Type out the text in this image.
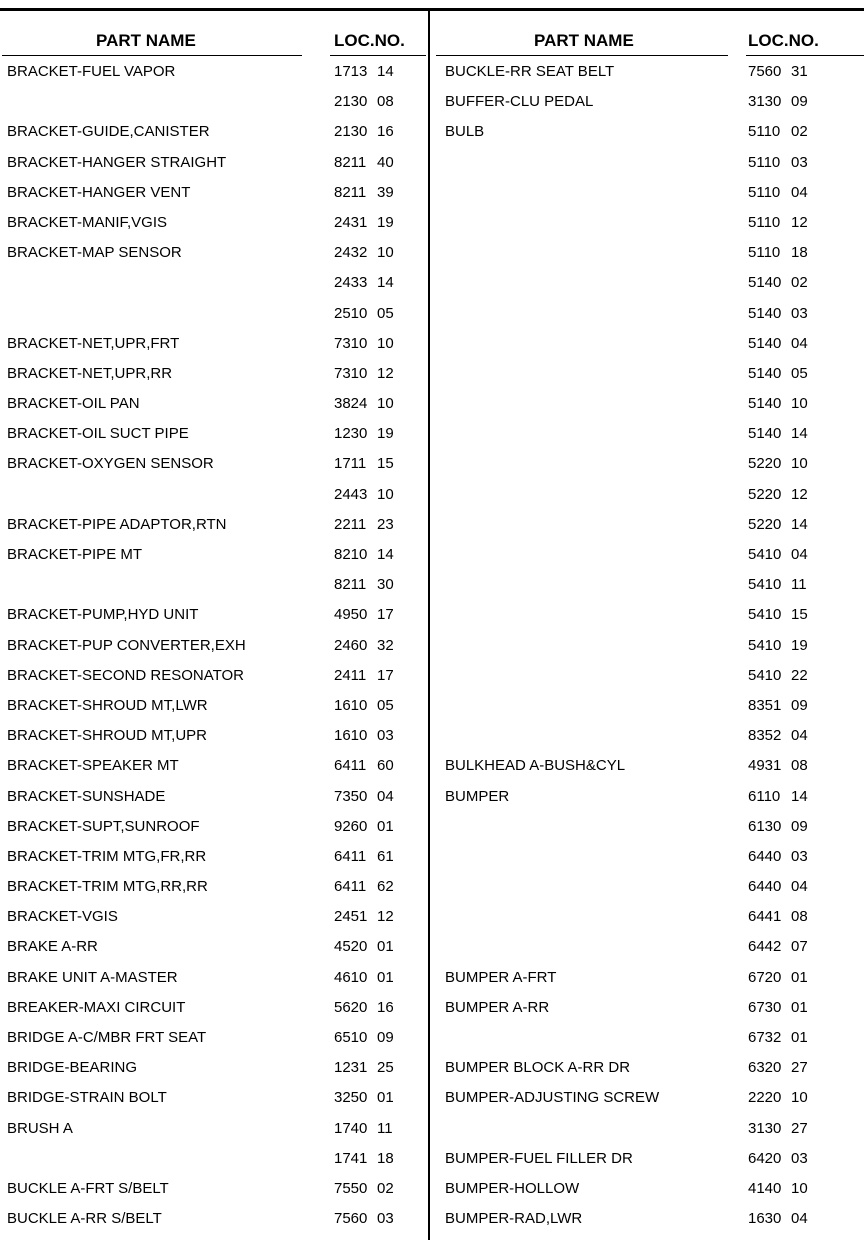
PART NAME	LOC.NO.
BRACKET-FUEL VAPOR	1713 14
2130 08
BRACKET-GUIDE,CANISTER	2130 16
BRACKET-HANGER STRAIGHT	8211 40
BRACKET-HANGER VENT	8211 39
BRACKET-MANIF,VGIS	2431 19
BRACKET-MAP SENSOR	2432 10
2433 14
2510 05
BRACKET-NET,UPR,FRT	7310 10
BRACKET-NET,UPR,RR	7310 12
BRACKET-OIL PAN	3824 10
BRACKET-OIL SUCT PIPE	1230 19
BRACKET-OXYGEN SENSOR	1711 15
2443 10
BRACKET-PIPE ADAPTOR,RTN	2211 23
BRACKET-PIPE MT	8210 14
8211 30
BRACKET-PUMP,HYD UNIT	4950 17
BRACKET-PUP CONVERTER,EXH	2460 32
BRACKET-SECOND RESONATOR	2411 17
BRACKET-SHROUD MT,LWR	1610 05
BRACKET-SHROUD MT,UPR	1610 03
BRACKET-SPEAKER MT	6411 60
BRACKET-SUNSHADE	7350 04
BRACKET-SUPT,SUNROOF	9260 01
BRACKET-TRIM MTG,FR,RR	6411 61
BRACKET-TRIM MTG,RR,RR	6411 62
BRACKET-VGIS	2451 12
BRAKE A-RR	4520 01
BRAKE UNIT A-MASTER	4610 01
BREAKER-MAXI CIRCUIT	5620 16
BRIDGE A-C/MBR FRT SEAT	6510 09
BRIDGE-BEARING	1231 25
BRIDGE-STRAIN BOLT	3250 01
BRUSH A	1740 11
1741 18
BUCKLE A-FRT S/BELT	7550 02
BUCKLE A-RR S/BELT	7560 03
PART NAME	LOC.NO.
BUCKLE-RR SEAT BELT	7560 31
BUFFER-CLU PEDAL	3130 09
BULB	5110 02
5110 03
5110 04
5110 12
5110 18
5140 02
5140 03
5140 04
5140 05
5140 10
5140 14
5220 10
5220 12
5220 14
5410 04
5410 11
5410 15
5410 19
5410 22
8351 09
8352 04
BULKHEAD A-BUSH&CYL	4931 08
BUMPER	6110 14
6130 09
6440 03
6440 04
6441 08
6442 07
BUMPER A-FRT	6720 01
BUMPER A-RR	6730 01
6732 01
BUMPER BLOCK A-RR DR	6320 27
BUMPER-ADJUSTING SCREW	2220 10
3130 27
BUMPER-FUEL FILLER DR	6420 03
BUMPER-HOLLOW	4140 10
BUMPER-RAD,LWR	1630 04
